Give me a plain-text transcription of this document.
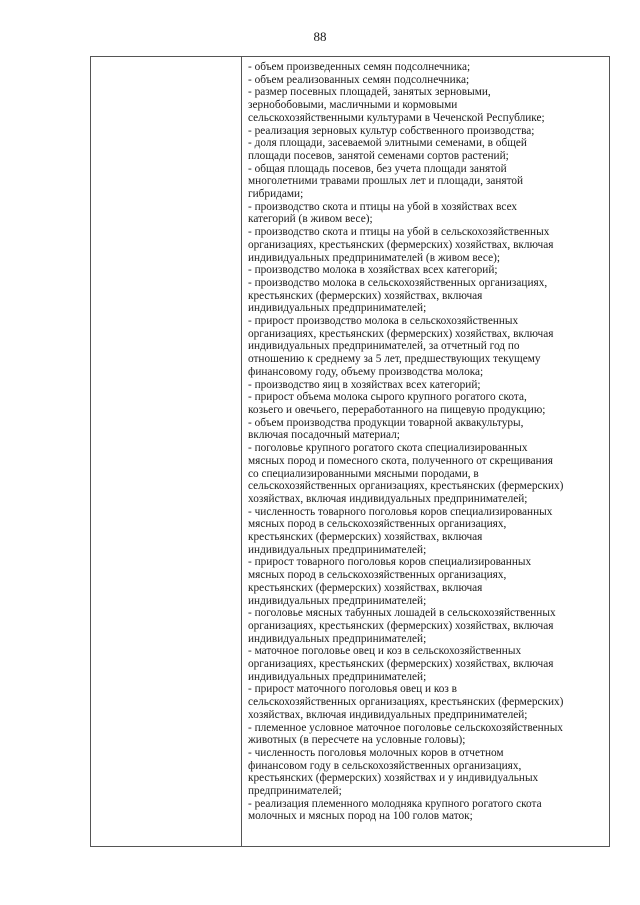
88
- объем произведенных семян подсолнечника;
- объем реализованных семян подсолнечника;
- размер посевных площадей, занятых зерновыми,
зернобобовыми, масличными и кормовыми
сельскохозяйственными культурами в Чеченской Республике;
- реализация зерновых культур собственного производства;
- доля площади, засеваемой элитными семенами, в общей
площади посевов, занятой семенами сортов растений;
- общая площадь посевов, без учета площади занятой
многолетними травами прошлых лет и площади, занятой
гибридами;
- производство скота и птицы на убой в хозяйствах всех
категорий (в живом весе);
- производство скота и птицы на убой в сельскохозяйственных
организациях, крестьянских (фермерских) хозяйствах, включая
индивидуальных предпринимателей (в живом весе);
- производство молока в хозяйствах всех категорий;
- производство молока в сельскохозяйственных организациях,
крестьянских (фермерских) хозяйствах, включая
индивидуальных предпринимателей;
- прирост производство молока в сельскохозяйственных
организациях, крестьянских (фермерских) хозяйствах, включая
индивидуальных предпринимателей, за отчетный год по
отношению к среднему за 5 лет, предшествующих текущему
финансовому году, объему производства молока;
- производство яиц в хозяйствах всех категорий;
- прирост объема молока сырого крупного рогатого скота,
козьего и овечьего, переработанного на пищевую продукцию;
- объем производства продукции товарной аквакультуры,
включая посадочный материал;
- поголовье крупного рогатого скота специализированных
мясных пород и помесного скота, полученного от скрещивания
со специализированными мясными породами, в
сельскохозяйственных организациях, крестьянских (фермерских)
хозяйствах, включая индивидуальных предпринимателей;
- численность товарного поголовья коров специализированных
мясных пород в сельскохозяйственных организациях,
крестьянских (фермерских) хозяйствах, включая
индивидуальных предпринимателей;
- прирост товарного поголовья коров специализированных
мясных пород в сельскохозяйственных организациях,
крестьянских (фермерских) хозяйствах, включая
индивидуальных предпринимателей;
- поголовье мясных табунных лошадей в сельскохозяйственных
организациях, крестьянских (фермерских) хозяйствах, включая
индивидуальных предпринимателей;
- маточное поголовье овец и коз в сельскохозяйственных
организациях, крестьянских (фермерских) хозяйствах, включая
индивидуальных предпринимателей;
- прирост маточного поголовья овец и коз в
сельскохозяйственных организациях, крестьянских (фермерских)
хозяйствах, включая индивидуальных предпринимателей;
- племенное условное маточное поголовье сельскохозяйственных
животных (в пересчете на условные головы);
- численность поголовья молочных коров в отчетном
финансовом году в сельскохозяйственных организациях,
крестьянских (фермерских) хозяйствах и у индивидуальных
предпринимателей;
- реализация племенного молодняка крупного рогатого скота
молочных и мясных пород на 100 голов маток;
